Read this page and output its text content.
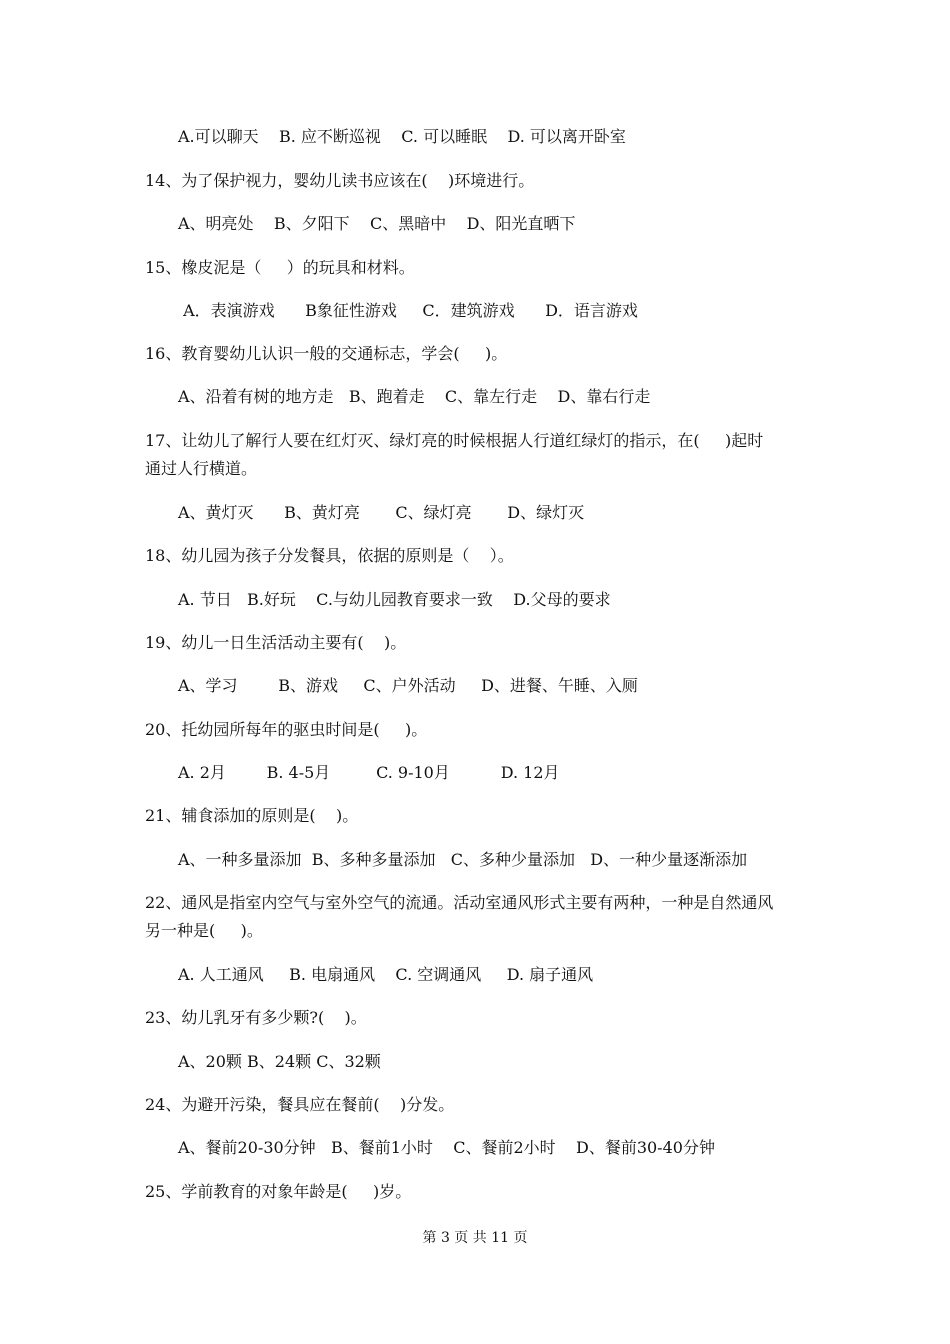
A.可以聊天    B. 应不断巡视    C. 可以睡眠    D. 可以离开卧室
14、为了保护视力，婴幼儿读书应该在(    )环境进行。
A、明亮处    B、夕阳下    C、黑暗中    D、阳光直晒下
15、橡皮泥是（     ）的玩具和材料。
A．表演游戏      B象征性游戏     C．建筑游戏      D．语言游戏
16、教育婴幼儿认识一般的交通标志，学会(     )。
A、沿着有树的地方走   B、跑着走    C、靠左行走    D、靠右行走
17、让幼儿了解行人要在红灯灭、绿灯亮的时候根据人行道红绿灯的指示，在(     )起时
通过人行横道。
A、黄灯灭      B、黄灯亮       C、绿灯亮       D、绿灯灭
18、幼儿园为孩子分发餐具，依据的原则是（    ）。
A. 节日   B.好玩    C.与幼儿园教育要求一致    D.父母的要求
19、幼儿一日生活活动主要有(    )。
A、学习        B、游戏     C、户外活动     D、进餐、午睡、入厕
20、托幼园所每年的驱虫时间是(     )。
A. 2月        B. 4-5月         C. 9-10月          D. 12月
21、辅食添加的原则是(    )。
A、一种多量添加  B、多种多量添加   C、多种少量添加   D、一种少量逐渐添加
22、通风是指室内空气与室外空气的流通。活动室通风形式主要有两种，一种是自然通风
另一种是(     )。
A. 人工通风     B. 电扇通风    C. 空调通风     D. 扇子通风
23、幼儿乳牙有多少颗?(    )。
A、20颗 B、24颗 C、32颗
24、为避开污染，餐具应在餐前(    )分发。
A、餐前20-30分钟   B、餐前1小时    C、餐前2小时    D、餐前30-40分钟
25、学前教育的对象年龄是(     )岁。
第 3 页 共 11 页
